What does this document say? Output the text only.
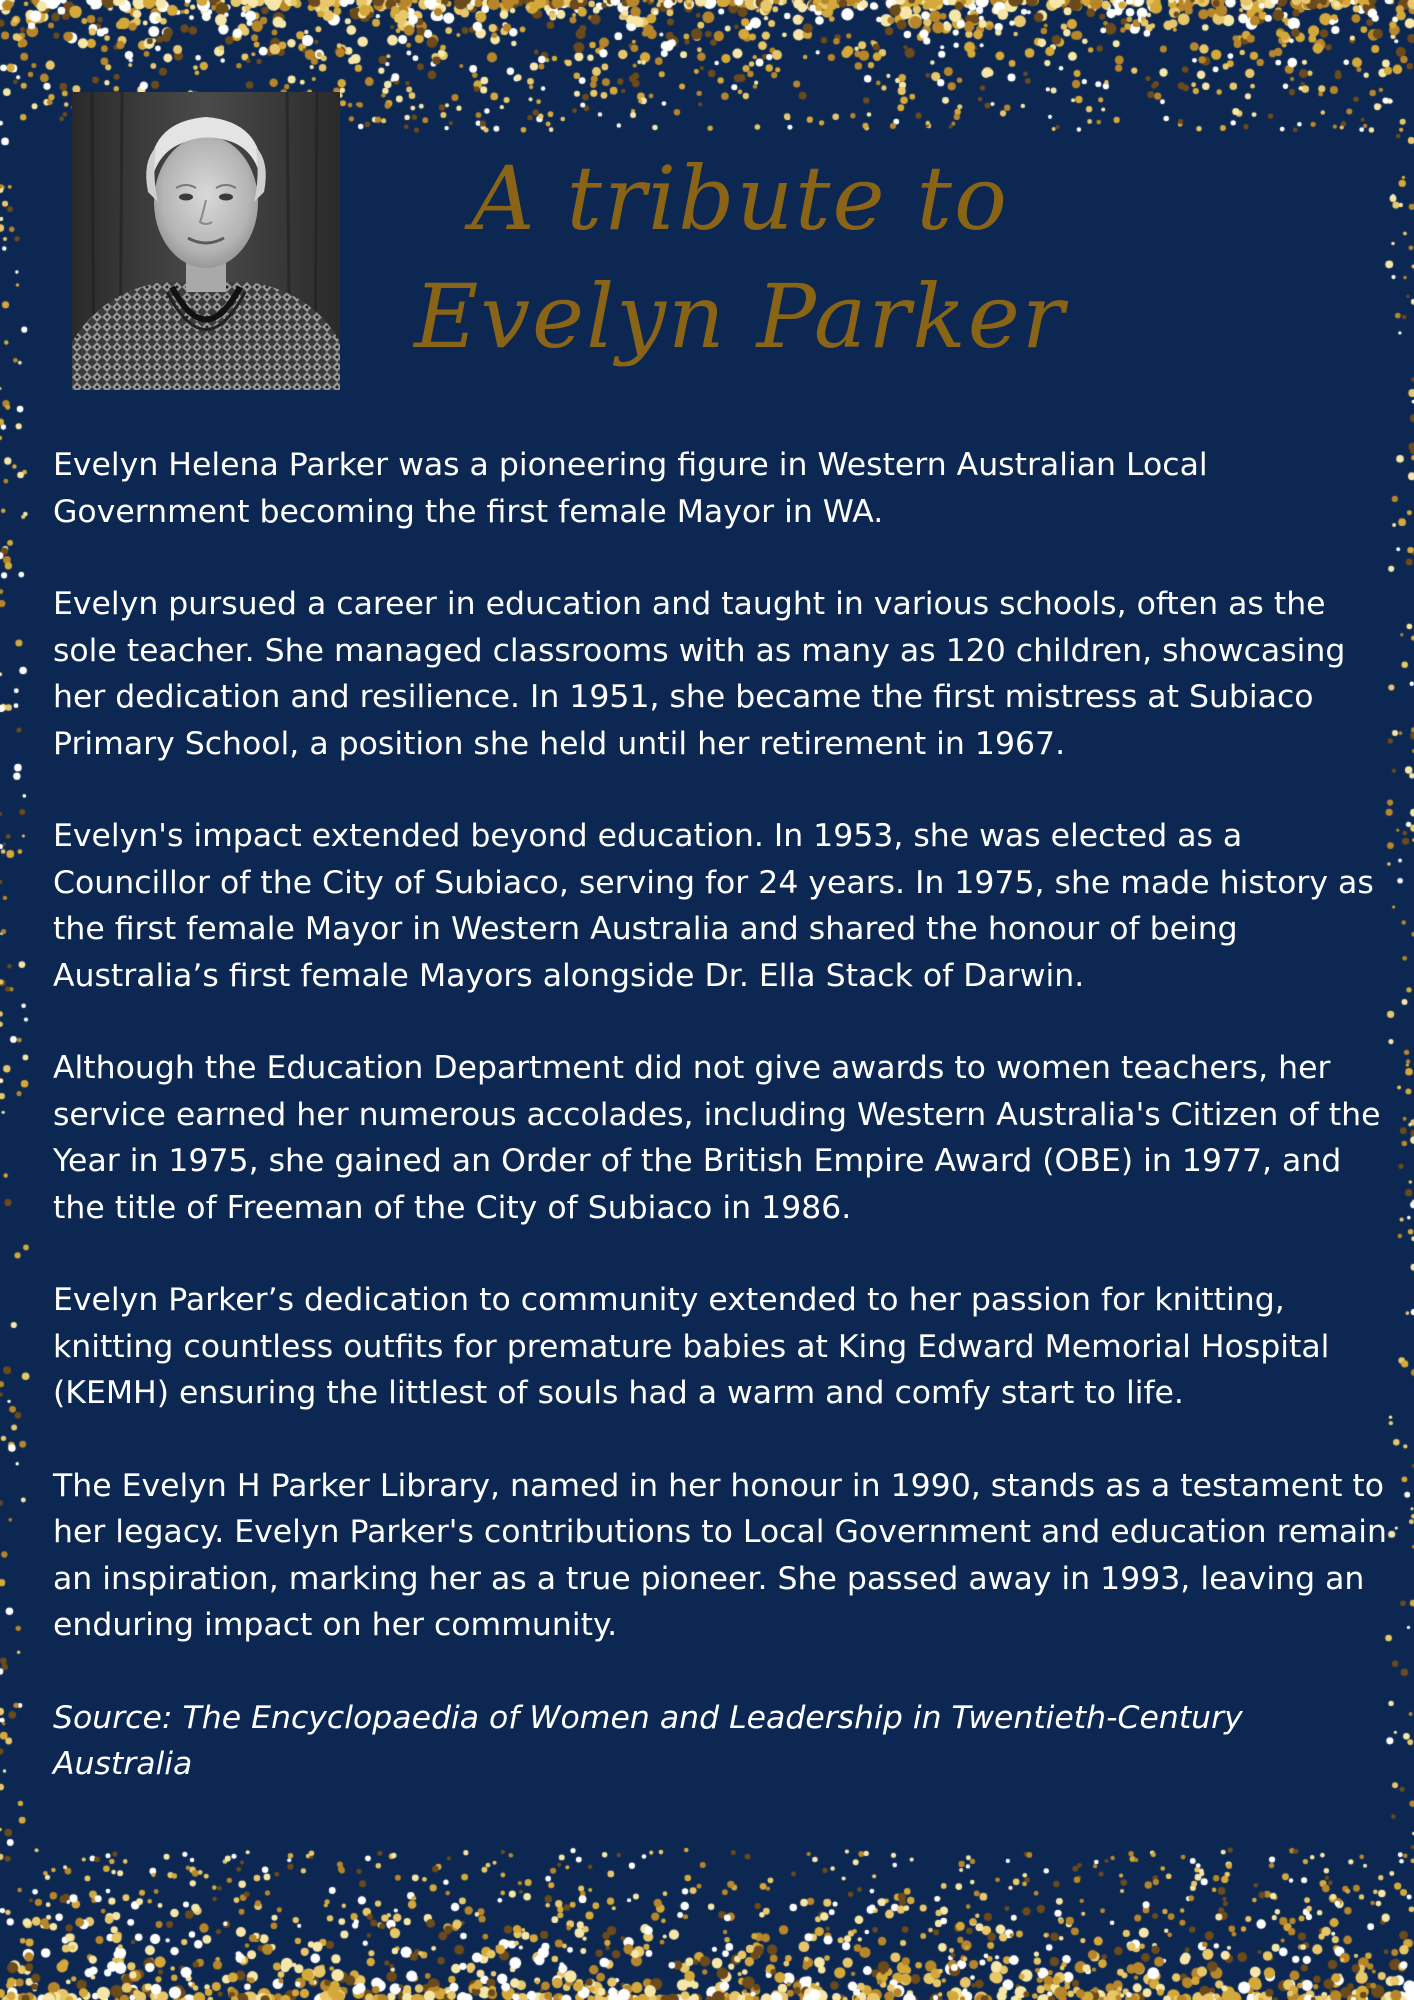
A tribute to
Evelyn Parker

Evelyn Helena Parker was a pioneering figure in Western Australian Local Government becoming the first female Mayor in WA.

Evelyn pursued a career in education and taught in various schools, often as the sole teacher. She managed classrooms with as many as 120 children, showcasing her dedication and resilience. In 1951, she became the first mistress at Subiaco Primary School, a position she held until her retirement in 1967.

Evelyn's impact extended beyond education. In 1953, she was elected as a Councillor of the City of Subiaco, serving for 24 years. In 1975, she made history as the first female Mayor in Western Australia and shared the honour of being Australia’s first female Mayors alongside Dr. Ella Stack of Darwin.

Although the Education Department did not give awards to women teachers, her service earned her numerous accolades, including Western Australia's Citizen of the Year in 1975, she gained an Order of the British Empire Award (OBE) in 1977, and the title of Freeman of the City of Subiaco in 1986.

Evelyn Parker’s dedication to community extended to her passion for knitting, knitting countless outfits for premature babies at King Edward Memorial Hospital (KEMH) ensuring the littlest of souls had a warm and comfy start to life.

The Evelyn H Parker Library, named in her honour in 1990, stands as a testament to her legacy. Evelyn Parker's contributions to Local Government and education remain an inspiration, marking her as a true pioneer. She passed away in 1993, leaving an enduring impact on her community.

Source: The Encyclopaedia of Women and Leadership in Twentieth-Century Australia
